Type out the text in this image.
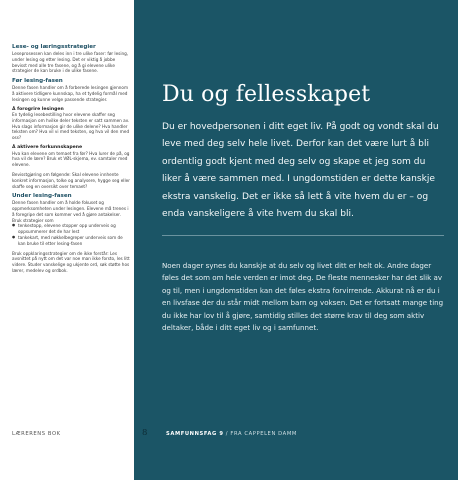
Lese- og læringsstrategier

Leseprosessen kan deles inn i tre ulike faser: før lesing, under lesing og etter lesing. Det er viktig å jobbe bevisst med alle tre fasene, og å gi elevene ulike strategier de kan bruke i de ulike fasene.

Før lesing-fasen

Denne fasen handler om å forberede lesingen gjennom å aktivere tidligere kunnskap, ha et tydelig formål med lesingen og kunne velge passende strategier.

Å forogrire lesingen

En tydelig lesebestilling hvor elevene skaffer seg informasjon om hvilke deler teksten er satt sammen av. Hva slags informasjon gir de ulike delene? Hva handler teksten om? Hva vil vi med teksten, og hva vil den med oss?

Å aktivere forkunnskapene

Hva kan elevene om temaet fra før? Hva lurer de på, og hva vil de lære? Bruk et VØL-skjema, ev. samtaler med elevene.

Bevisstgjøring om følgende: Skal elevene innhente konkret informasjon, tolke og analysere, hygge seg eller skaffe seg en oversikt over temaet?

Under lesing-fasen

Denne fasen handler om å holde fokuset og oppmerksomheten under lesingen. Elevene må trenes i å foregripe det som kommer ved å gjøre antakelser. Bruk strategier som

● tenkestopp, elevene stopper opp underveis og oppsummerer det de har lest

● tankekart, med nøkkelbegreper underveis som de kan bruke til etter lesing-fasen

Bruk oppklaringsstrategier om de ikke forstår: Les avsnittet på nytt om det var noe man ikke forsto, les litt videre. Studer vanskelige og ukjente ord, søk støtte hos lærer, medelev og ordbok.

LÆRERENS BOK
Du og fellesskapet

Du er hovedpersonen i ditt eget liv. På godt og vondt skal du leve med deg selv hele livet. Derfor kan det være lurt å bli ordentlig godt kjent med deg selv og skape et jeg som du liker å være sammen med. I ungdomstiden er dette kanskje ekstra vanskelig. Det er ikke så lett å vite hvem du er – og enda vanskeligere å vite hvem du skal bli.

Noen dager synes du kanskje at du selv og livet ditt er helt ok. Andre dager føles det som om hele verden er imot deg. De fleste mennesker har det slik av og til, men i ungdomstiden kan det føles ekstra forvirrende. Akkurat nå er du i en livsfase der du står midt mellom barn og voksen. Det er fortsatt mange ting du ikke har lov til å gjøre, samtidig stilles det større krav til deg som aktiv deltaker, både i ditt eget liv og i samfunnet.

8	SAMFUNNSFAG 9 / FRA CAPPELEN DAMM
